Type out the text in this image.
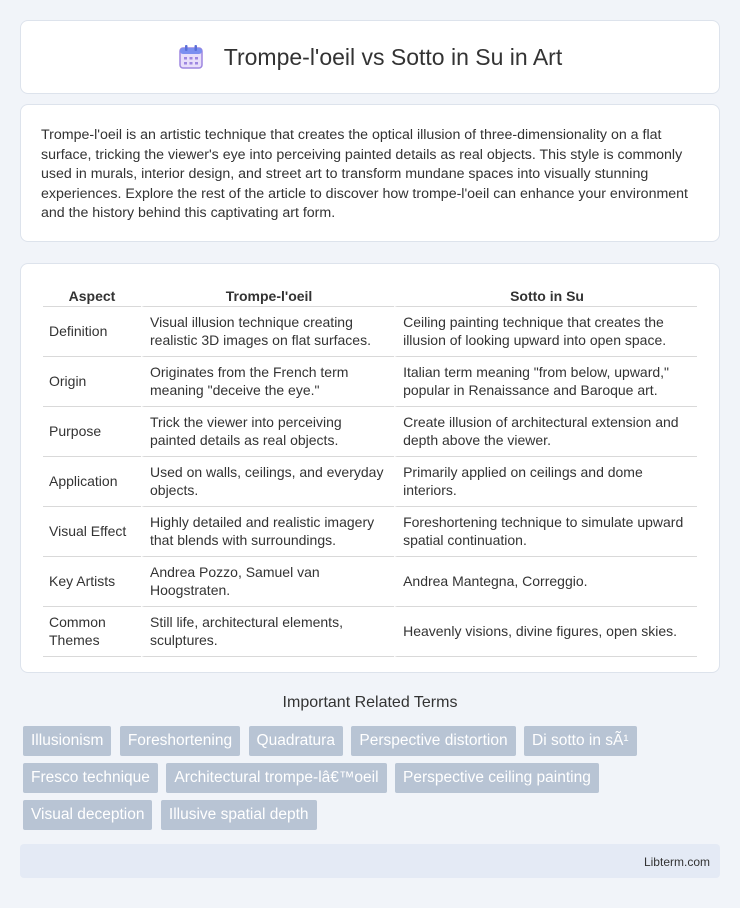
Trompe-l'oeil vs Sotto in Su in Art

Trompe-l'oeil is an artistic technique that creates the optical illusion of three-dimensionality on a flat surface, tricking the viewer's eye into perceiving painted details as real objects. This style is commonly used in murals, interior design, and street art to transform mundane spaces into visually stunning experiences. Explore the rest of the article to discover how trompe-l'oeil can enhance your environment and the history behind this captivating art form.

Aspect	Trompe-l'oeil	Sotto in Su
Definition	Visual illusion technique creating realistic 3D images on flat surfaces.	Ceiling painting technique that creates the illusion of looking upward into open space.
Origin	Originates from the French term meaning "deceive the eye."	Italian term meaning "from below, upward," popular in Renaissance and Baroque art.
Purpose	Trick the viewer into perceiving painted details as real objects.	Create illusion of architectural extension and depth above the viewer.
Application	Used on walls, ceilings, and everyday objects.	Primarily applied on ceilings and dome interiors.
Visual Effect	Highly detailed and realistic imagery that blends with surroundings.	Foreshortening technique to simulate upward spatial continuation.
Key Artists	Andrea Pozzo, Samuel van Hoogstraten.	Andrea Mantegna, Correggio.
Common Themes	Still life, architectural elements, sculptures.	Heavenly visions, divine figures, open skies.
Important Related Terms
Illusionism Foreshortening Quadratura Perspective distortion Di sotto in sÃ¹
Fresco technique Architectural trompe-lâ€™oeil Perspective ceiling painting
Visual deception Illusive spatial depth
Libterm.com
